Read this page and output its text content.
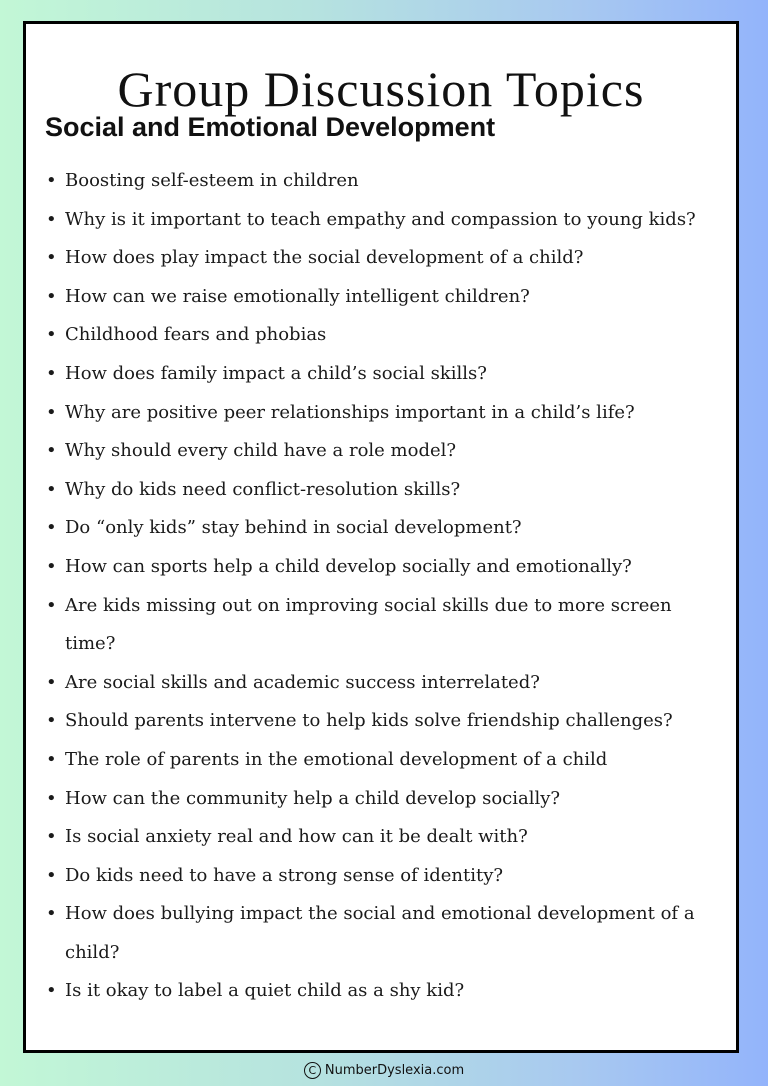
Group Discussion Topics
Social and Emotional Development
• Boosting self-esteem in children
• Why is it important to teach empathy and compassion to young kids?
• How does play impact the social development of a child?
• How can we raise emotionally intelligent children?
• Childhood fears and phobias
• How does family impact a child’s social skills?
• Why are positive peer relationships important in a child’s life?
• Why should every child have a role model?
• Why do kids need conflict-resolution skills?
• Do “only kids” stay behind in social development?
• How can sports help a child develop socially and emotionally?
• Are kids missing out on improving social skills due to more screen time?
• Are social skills and academic success interrelated?
• Should parents intervene to help kids solve friendship challenges?
• The role of parents in the emotional development of a child
• How can the community help a child develop socially?
• Is social anxiety real and how can it be dealt with?
• Do kids need to have a strong sense of identity?
• How does bullying impact the social and emotional development of a child?
• Is it okay to label a quiet child as a shy kid?
C NumberDyslexia.com
